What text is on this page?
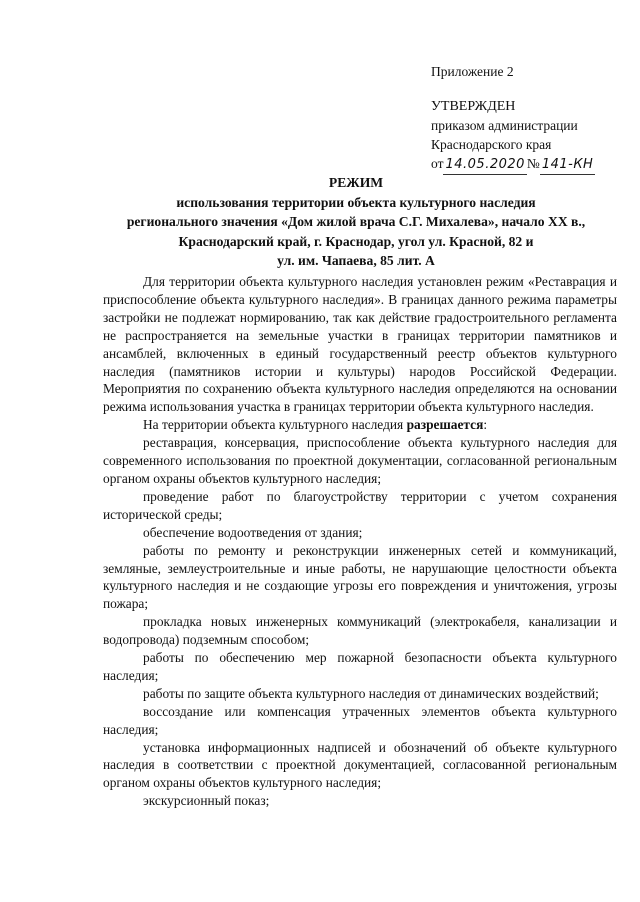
Приложение 2
УТВЕРЖДЕН
приказом администрации
Краснодарского края
от 14.05.2020 № 141-КН
РЕЖИМ
использования территории объекта культурного наследия
регионального значения «Дом жилой врача С.Г. Михалева», начало XX в.,
Краснодарский край, г. Краснодар, угол ул. Красной, 82 и
ул. им. Чапаева, 85 лит. А

Для территории объекта культурного наследия установлен режим «Реставрация и приспособление объекта культурного наследия». В границах данного режима параметры застройки не подлежат нормированию, так как действие градостроительного регламента не распространяется на земельные участки в границах территории памятников и ансамблей, включенных в единый государственный реестр объектов культурного наследия (памятников истории и культуры) народов Российской Федерации. Мероприятия по сохранению объекта культурного наследия определяются на основании режима использования участка в границах территории объекта культурного наследия.

На территории объекта культурного наследия разрешается:

реставрация, консервация, приспособление объекта культурного наследия для современного использования по проектной документации, согласованной региональным органом охраны объектов культурного наследия;

проведение работ по благоустройству территории с учетом сохранения исторической среды;

обеспечение водоотведения от здания;

работы по ремонту и реконструкции инженерных сетей и коммуникаций, земляные, землеустроительные и иные работы, не нарушающие целостности объекта культурного наследия и не создающие угрозы его повреждения и уничтожения, угрозы пожара;

прокладка новых инженерных коммуникаций (электрокабеля, канализации и водопровода) подземным способом;

работы по обеспечению мер пожарной безопасности объекта культурного наследия;

работы по защите объекта культурного наследия от динамических воздействий;

воссоздание или компенсация утраченных элементов объекта культурного наследия;

установка информационных надписей и обозначений об объекте культурного наследия в соответствии с проектной документацией, согласованной региональным органом охраны объектов культурного наследия;

экскурсионный показ;
